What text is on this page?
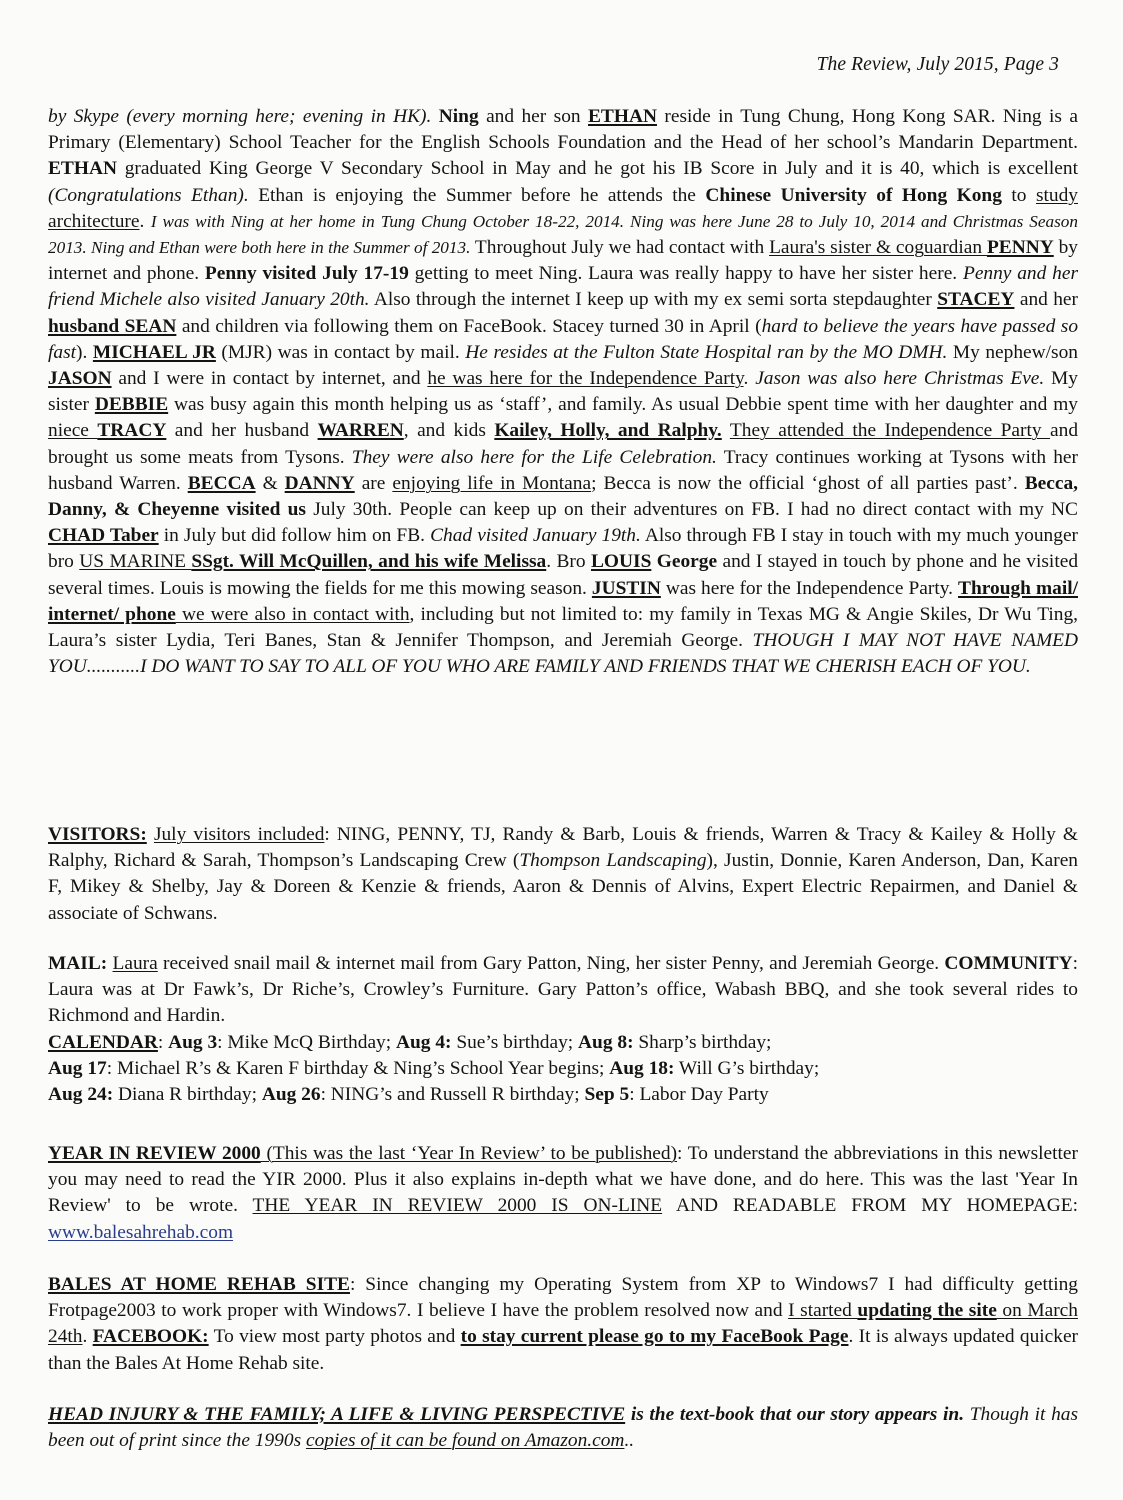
The Review, July 2015, Page 3

by Skype (every morning here; evening in HK). Ning and her son ETHAN reside in Tung Chung, Hong Kong SAR. Ning is a Primary (Elementary) School Teacher for the English Schools Foundation and the Head of her school’s Mandarin Department. ETHAN graduated King George V Secondary School in May and he got his IB Score in July and it is 40, which is excellent (Congratulations Ethan). Ethan is enjoying the Summer before he attends the Chinese University of Hong Kong to study architecture. I was with Ning at her home in Tung Chung October 18-22, 2014. Ning was here June 28 to July 10, 2014 and Christmas Season 2013. Ning and Ethan were both here in the Summer of 2013. Throughout July we had contact with Laura's sister & coguardian PENNY by internet and phone. Penny visited July 17-19 getting to meet Ning. Laura was really happy to have her sister here. Penny and her friend Michele also visited January 20th. Also through the internet I keep up with my ex semi sorta stepdaughter STACEY and her husband SEAN and children via following them on FaceBook. Stacey turned 30 in April (hard to believe the years have passed so fast). MICHAEL JR (MJR) was in contact by mail. He resides at the Fulton State Hospital ran by the MO DMH. My nephew/son JASON and I were in contact by internet, and he was here for the Independence Party. Jason was also here Christmas Eve. My sister DEBBIE was busy again this month helping us as ‘staff’, and family. As usual Debbie spent time with her daughter and my niece TRACY and her husband WARREN, and kids Kailey, Holly, and Ralphy. They attended the Independence Party and brought us some meats from Tysons. They were also here for the Life Celebration. Tracy continues working at Tysons with her husband Warren. BECCA & DANNY are enjoying life in Montana; Becca is now the official ‘ghost of all parties past’. Becca, Danny, & Cheyenne visited us July 30th. People can keep up on their adventures on FB. I had no direct contact with my NC CHAD Taber in July but did follow him on FB. Chad visited January 19th. Also through FB I stay in touch with my much younger bro US MARINE SSgt. Will McQuillen, and his wife Melissa. Bro LOUIS George and I stayed in touch by phone and he visited several times. Louis is mowing the fields for me this mowing season. JUSTIN was here for the Independence Party. Through mail/ internet/ phone we were also in contact with, including but not limited to: my family in Texas MG & Angie Skiles, Dr Wu Ting, Laura’s sister Lydia, Teri Banes, Stan & Jennifer Thompson, and Jeremiah George. THOUGH I MAY NOT HAVE NAMED YOU...........I DO WANT TO SAY TO ALL OF YOU WHO ARE FAMILY AND FRIENDS THAT WE CHERISH EACH OF YOU.

VISITORS: July visitors included: NING, PENNY, TJ, Randy & Barb, Louis & friends, Warren & Tracy & Kailey & Holly & Ralphy, Richard & Sarah, Thompson’s Landscaping Crew (Thompson Landscaping), Justin, Donnie, Karen Anderson, Dan, Karen F, Mikey & Shelby, Jay & Doreen & Kenzie & friends, Aaron & Dennis of Alvins, Expert Electric Repairmen, and Daniel & associate of Schwans.

MAIL: Laura received snail mail & internet mail from Gary Patton, Ning, her sister Penny, and Jeremiah George. COMMUNITY: Laura was at Dr Fawk’s, Dr Riche’s, Crowley’s Furniture. Gary Patton’s office, Wabash BBQ, and she took several rides to Richmond and Hardin.

CALENDAR: Aug 3: Mike McQ Birthday; Aug 4: Sue’s birthday; Aug 8: Sharp’s birthday;
Aug 17: Michael R’s & Karen F birthday & Ning’s School Year begins; Aug 18: Will G’s birthday;
Aug 24: Diana R birthday; Aug 26: NING’s and Russell R birthday; Sep 5: Labor Day Party

YEAR IN REVIEW 2000 (This was the last ‘Year In Review’ to be published): To understand the abbreviations in this newsletter you may need to read the YIR 2000. Plus it also explains in-depth what we have done, and do here. This was the last 'Year In Review' to be wrote. THE YEAR IN REVIEW 2000 IS ON-LINE AND READABLE FROM MY HOMEPAGE: www.balesahrehab.com

BALES AT HOME REHAB SITE: Since changing my Operating System from XP to Windows7 I had difficulty getting Frotpage2003 to work proper with Windows7. I believe I have the problem resolved now and I started updating the site on March 24th. FACEBOOK: To view most party photos and to stay current please go to my FaceBook Page. It is always updated quicker than the Bales At Home Rehab site.

HEAD INJURY & THE FAMILY; A LIFE & LIVING PERSPECTIVE is the text-book that our story appears in. Though it has been out of print since the 1990s copies of it can be found on Amazon.com..
